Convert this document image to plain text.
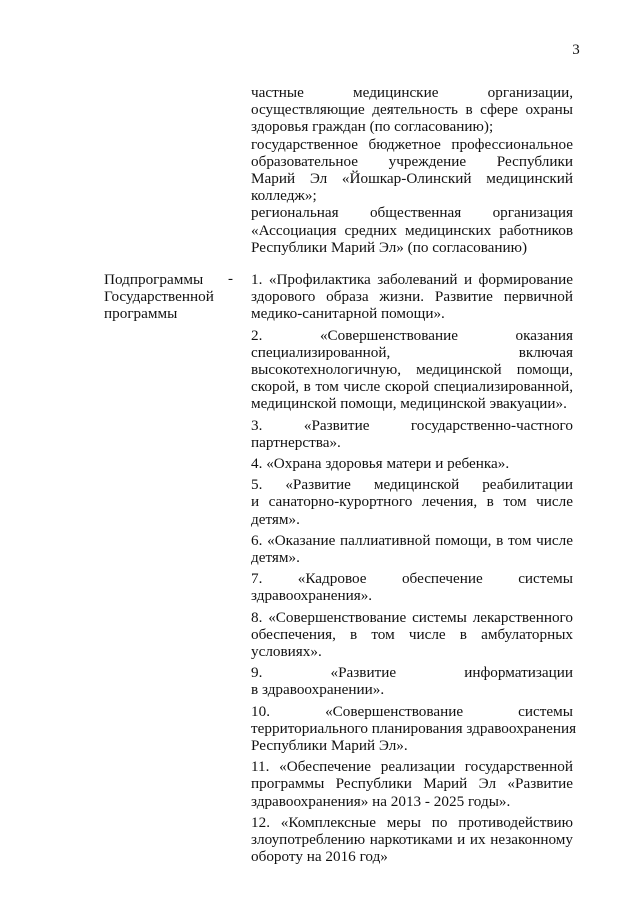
3
частные медицинские организации,
осуществляющие деятельность в сфере охраны
здоровья граждан (по согласованию);
государственное бюджетное профессиональное
образовательное учреждение Республики
Марий Эл «Йошкар-Олинский медицинский
колледж»;
региональная общественная организация
«Ассоциация средних медицинских работников
Республики Марий Эл» (по согласованию)
Подпрограммы
Государственной
программы
- 1. «Профилактика заболеваний и формирование
здорового образа жизни. Развитие первичной
медико-санитарной помощи».
2. «Совершенствование оказания
специализированной, включая
высокотехнологичную, медицинской помощи,
скорой, в том числе скорой специализированной,
медицинской помощи, медицинской эвакуации».
3. «Развитие государственно-частного
партнерства».
4. «Охрана здоровья матери и ребенка».
5. «Развитие медицинской реабилитации
и санаторно-курортного лечения, в том числе
детям».
6. «Оказание паллиативной помощи, в том числе
детям».
7. «Кадровое обеспечение системы
здравоохранения».
8. «Совершенствование системы лекарственного
обеспечения, в том числе в амбулаторных
условиях».
9. «Развитие информатизации
в здравоохранении».
10. «Совершенствование системы
территориального планирования здравоохранения
Республики Марий Эл».
11. «Обеспечение реализации государственной
программы Республики Марий Эл «Развитие
здравоохранения» на 2013 - 2025 годы».
12. «Комплексные меры по противодействию
злоупотреблению наркотиками и их незаконному
обороту на 2016 год»
